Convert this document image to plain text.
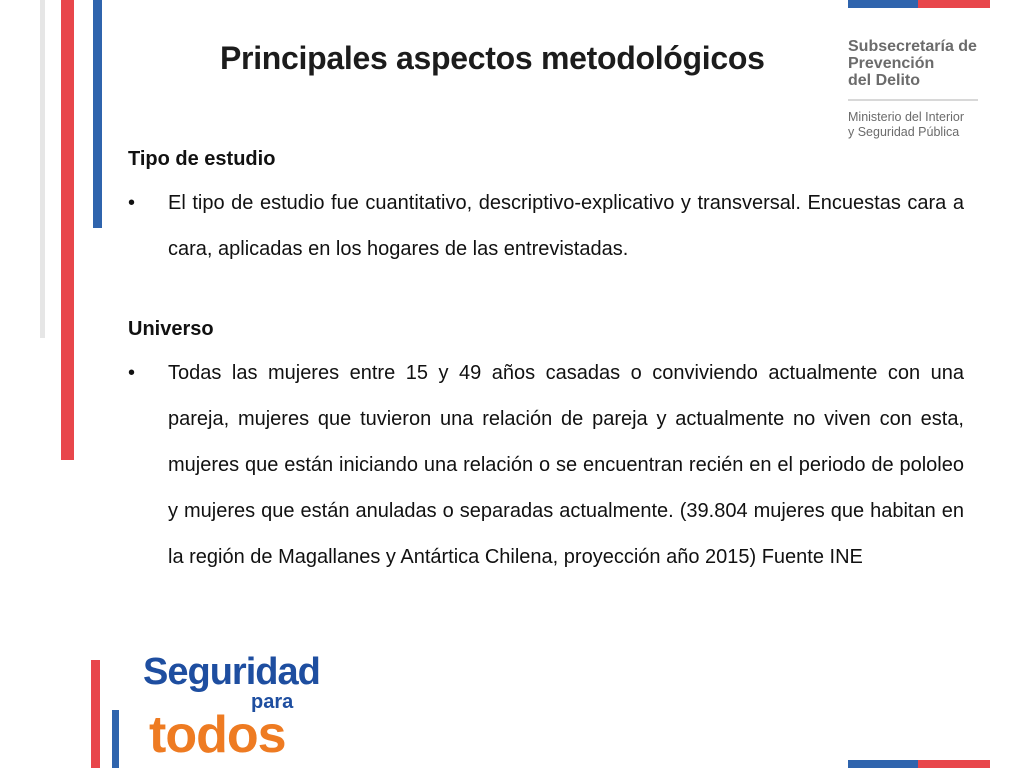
Principales aspectos metodológicos	Subsecretaría de
Prevención
del Delito
Ministerio del Interior
y Seguridad Pública
Tipo de estudio
• El tipo de estudio fue cuantitativo, descriptivo-explicativo y transversal. Encuestas cara a cara, aplicadas en los hogares de las entrevistadas.
Universo
• Todas las mujeres entre 15 y 49 años casadas o conviviendo actualmente con una pareja, mujeres que tuvieron una relación de pareja y actualmente no viven con esta, mujeres que están iniciando una relación o se encuentran recién en el periodo de pololeo y mujeres que están anuladas o separadas actualmente. (39.804 mujeres que habitan en la región de Magallanes y Antártica Chilena, proyección año 2015) Fuente INE
Seguridad
para
todos
